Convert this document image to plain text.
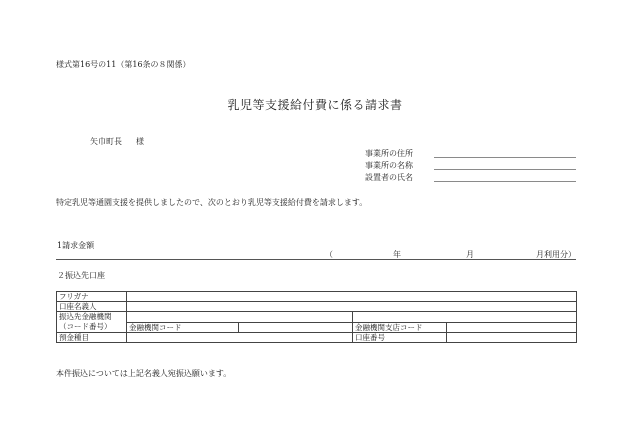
様式第16号の11（第16条の８関係）
乳児等支援給付費に係る請求書
矢巾町長 様
事業所の住所
事業所の名称
設置者の氏名
特定乳児等通園支援を提供しましたので、次のとおり乳児等支援給付費を請求します。
1請求金額
（	年	月	月利用分）
２振込先口座
フリガナ				
口座名義人				
振込先金融機関
（コード番号）				
	金融機関コード		金融機関支店コード	
預金種目			口座番号	
本件振込については上記名義人宛振込願います。
